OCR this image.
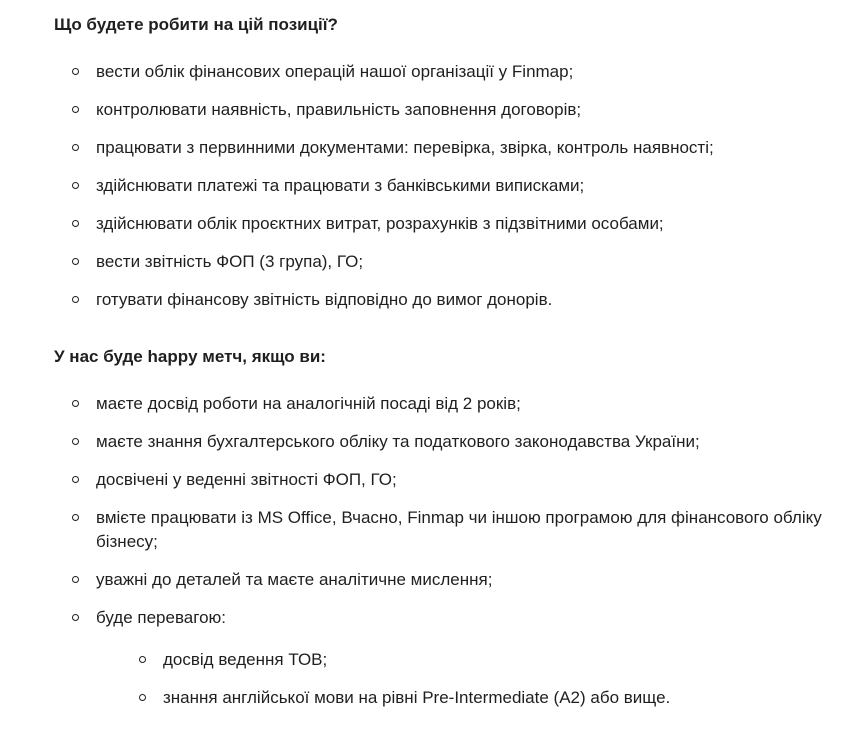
Що будете робити на цій позиції?
вести облік фінансових операцій нашої організації у Finmap;
контролювати наявність, правильність заповнення договорів;
працювати з первинними документами: перевірка, звірка, контроль наявності;
здійснювати платежі та працювати з банківськими виписками;
здійснювати облік проєктних витрат, розрахунків з підзвітними особами;
вести звітність ФОП (3 група), ГО;
готувати фінансову звітність відповідно до вимог донорів.
У нас буде happy метч, якщо ви:
маєте досвід роботи на аналогічній посаді від 2 років;
маєте знання бухгалтерського обліку та податкового законодавства України;
досвічені у веденні звітності ФОП, ГО;
вмієте працювати із MS Office, Вчасно, Finmap чи іншою програмою для фінансового обліку бізнесу;
уважні до деталей та маєте аналітичне мислення;
буде перевагою:
досвід ведення ТОВ;
знання англійської мови на рівні Pre-Intermediate (A2) або вище.
